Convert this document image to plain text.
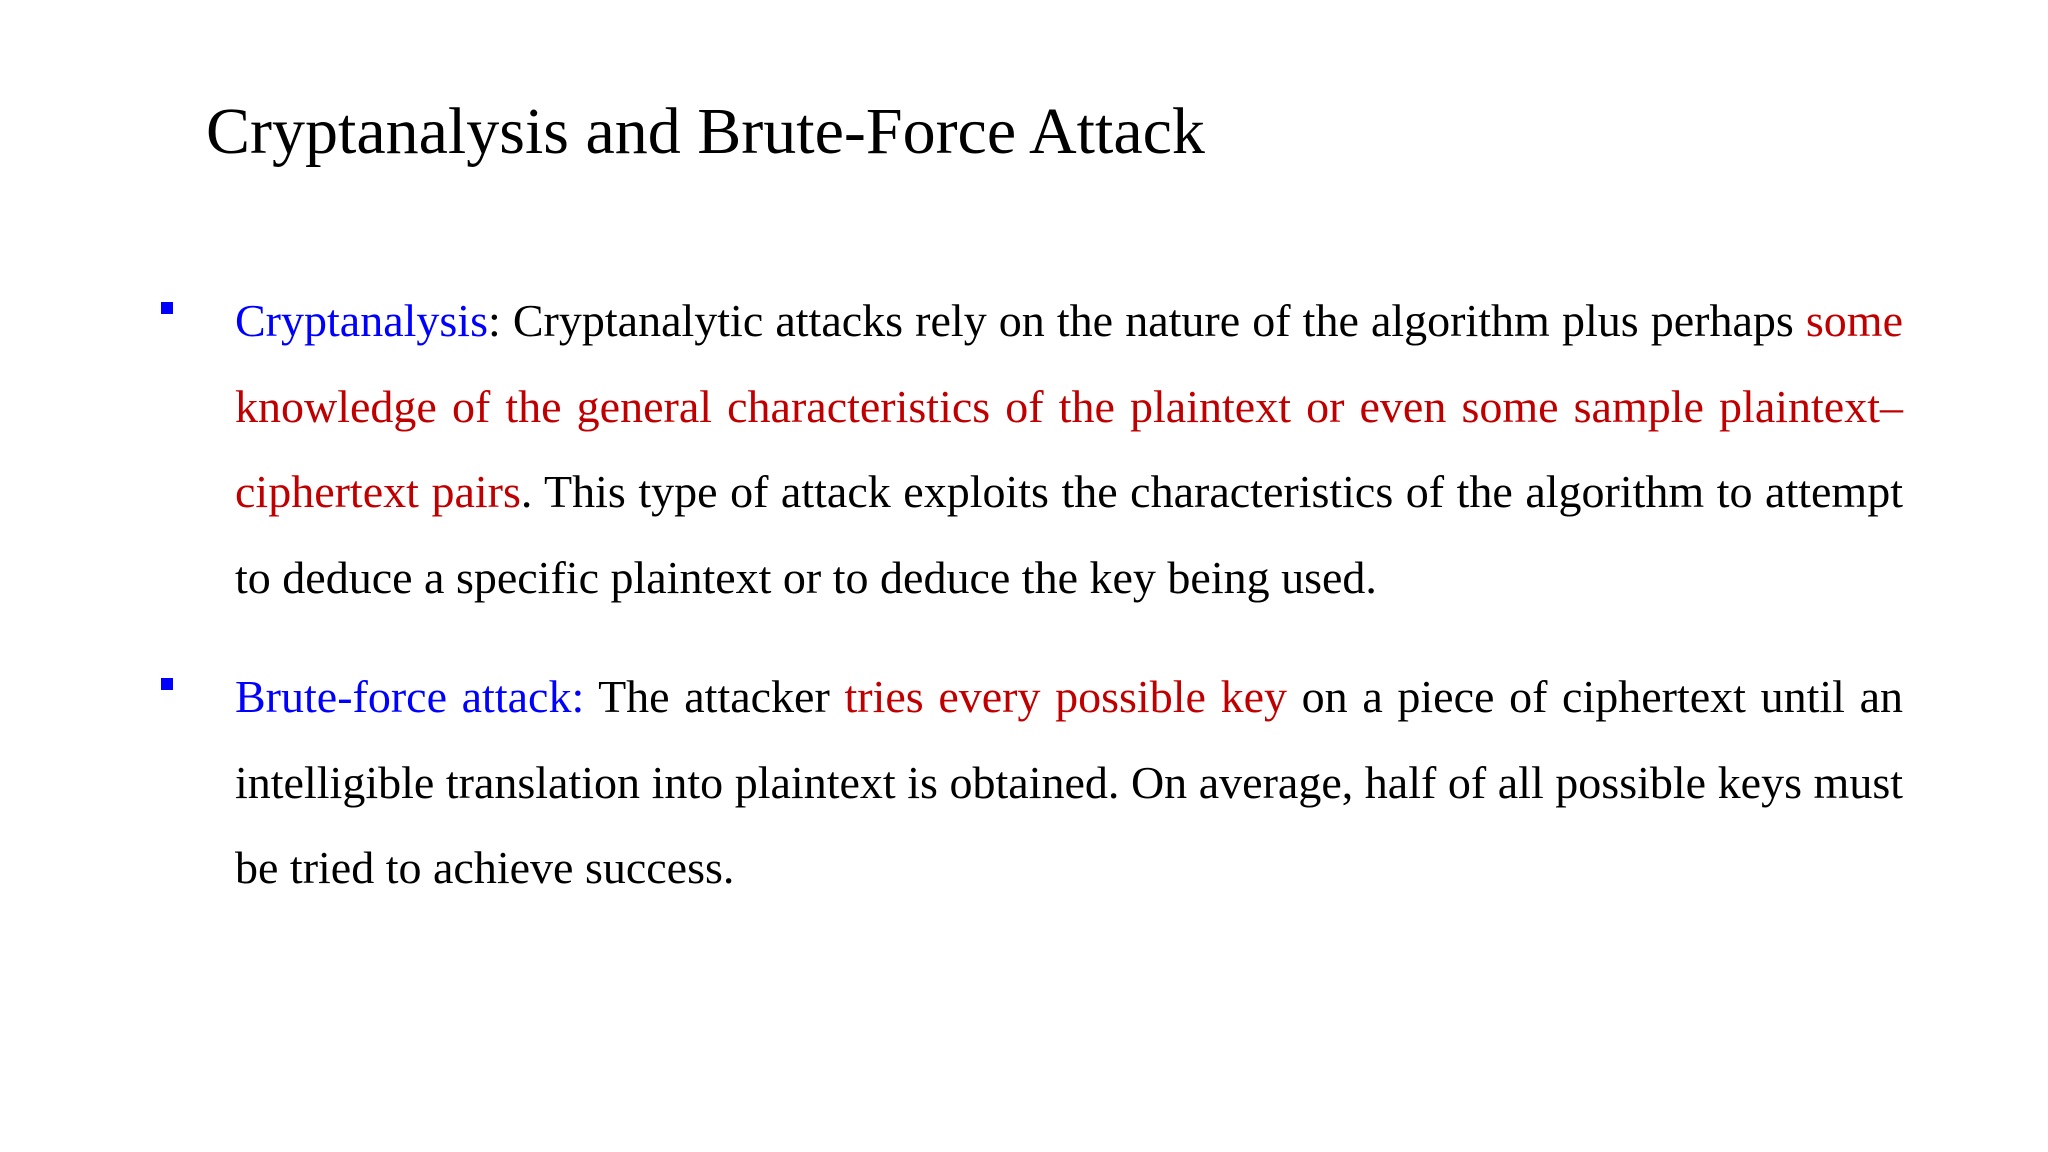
Cryptanalysis and Brute-Force Attack
Cryptanalysis: Cryptanalytic attacks rely on the nature of the algorithm plus perhaps some knowledge of the general characteristics of the plaintext or even some sample plaintext–ciphertext pairs. This type of attack exploits the characteristics of the algorithm to attempt to deduce a specific plaintext or to deduce the key being used.
Brute-force attack: The attacker tries every possible key on a piece of ciphertext until an intelligible translation into plaintext is obtained. On average, half of all possible keys must be tried to achieve success.
